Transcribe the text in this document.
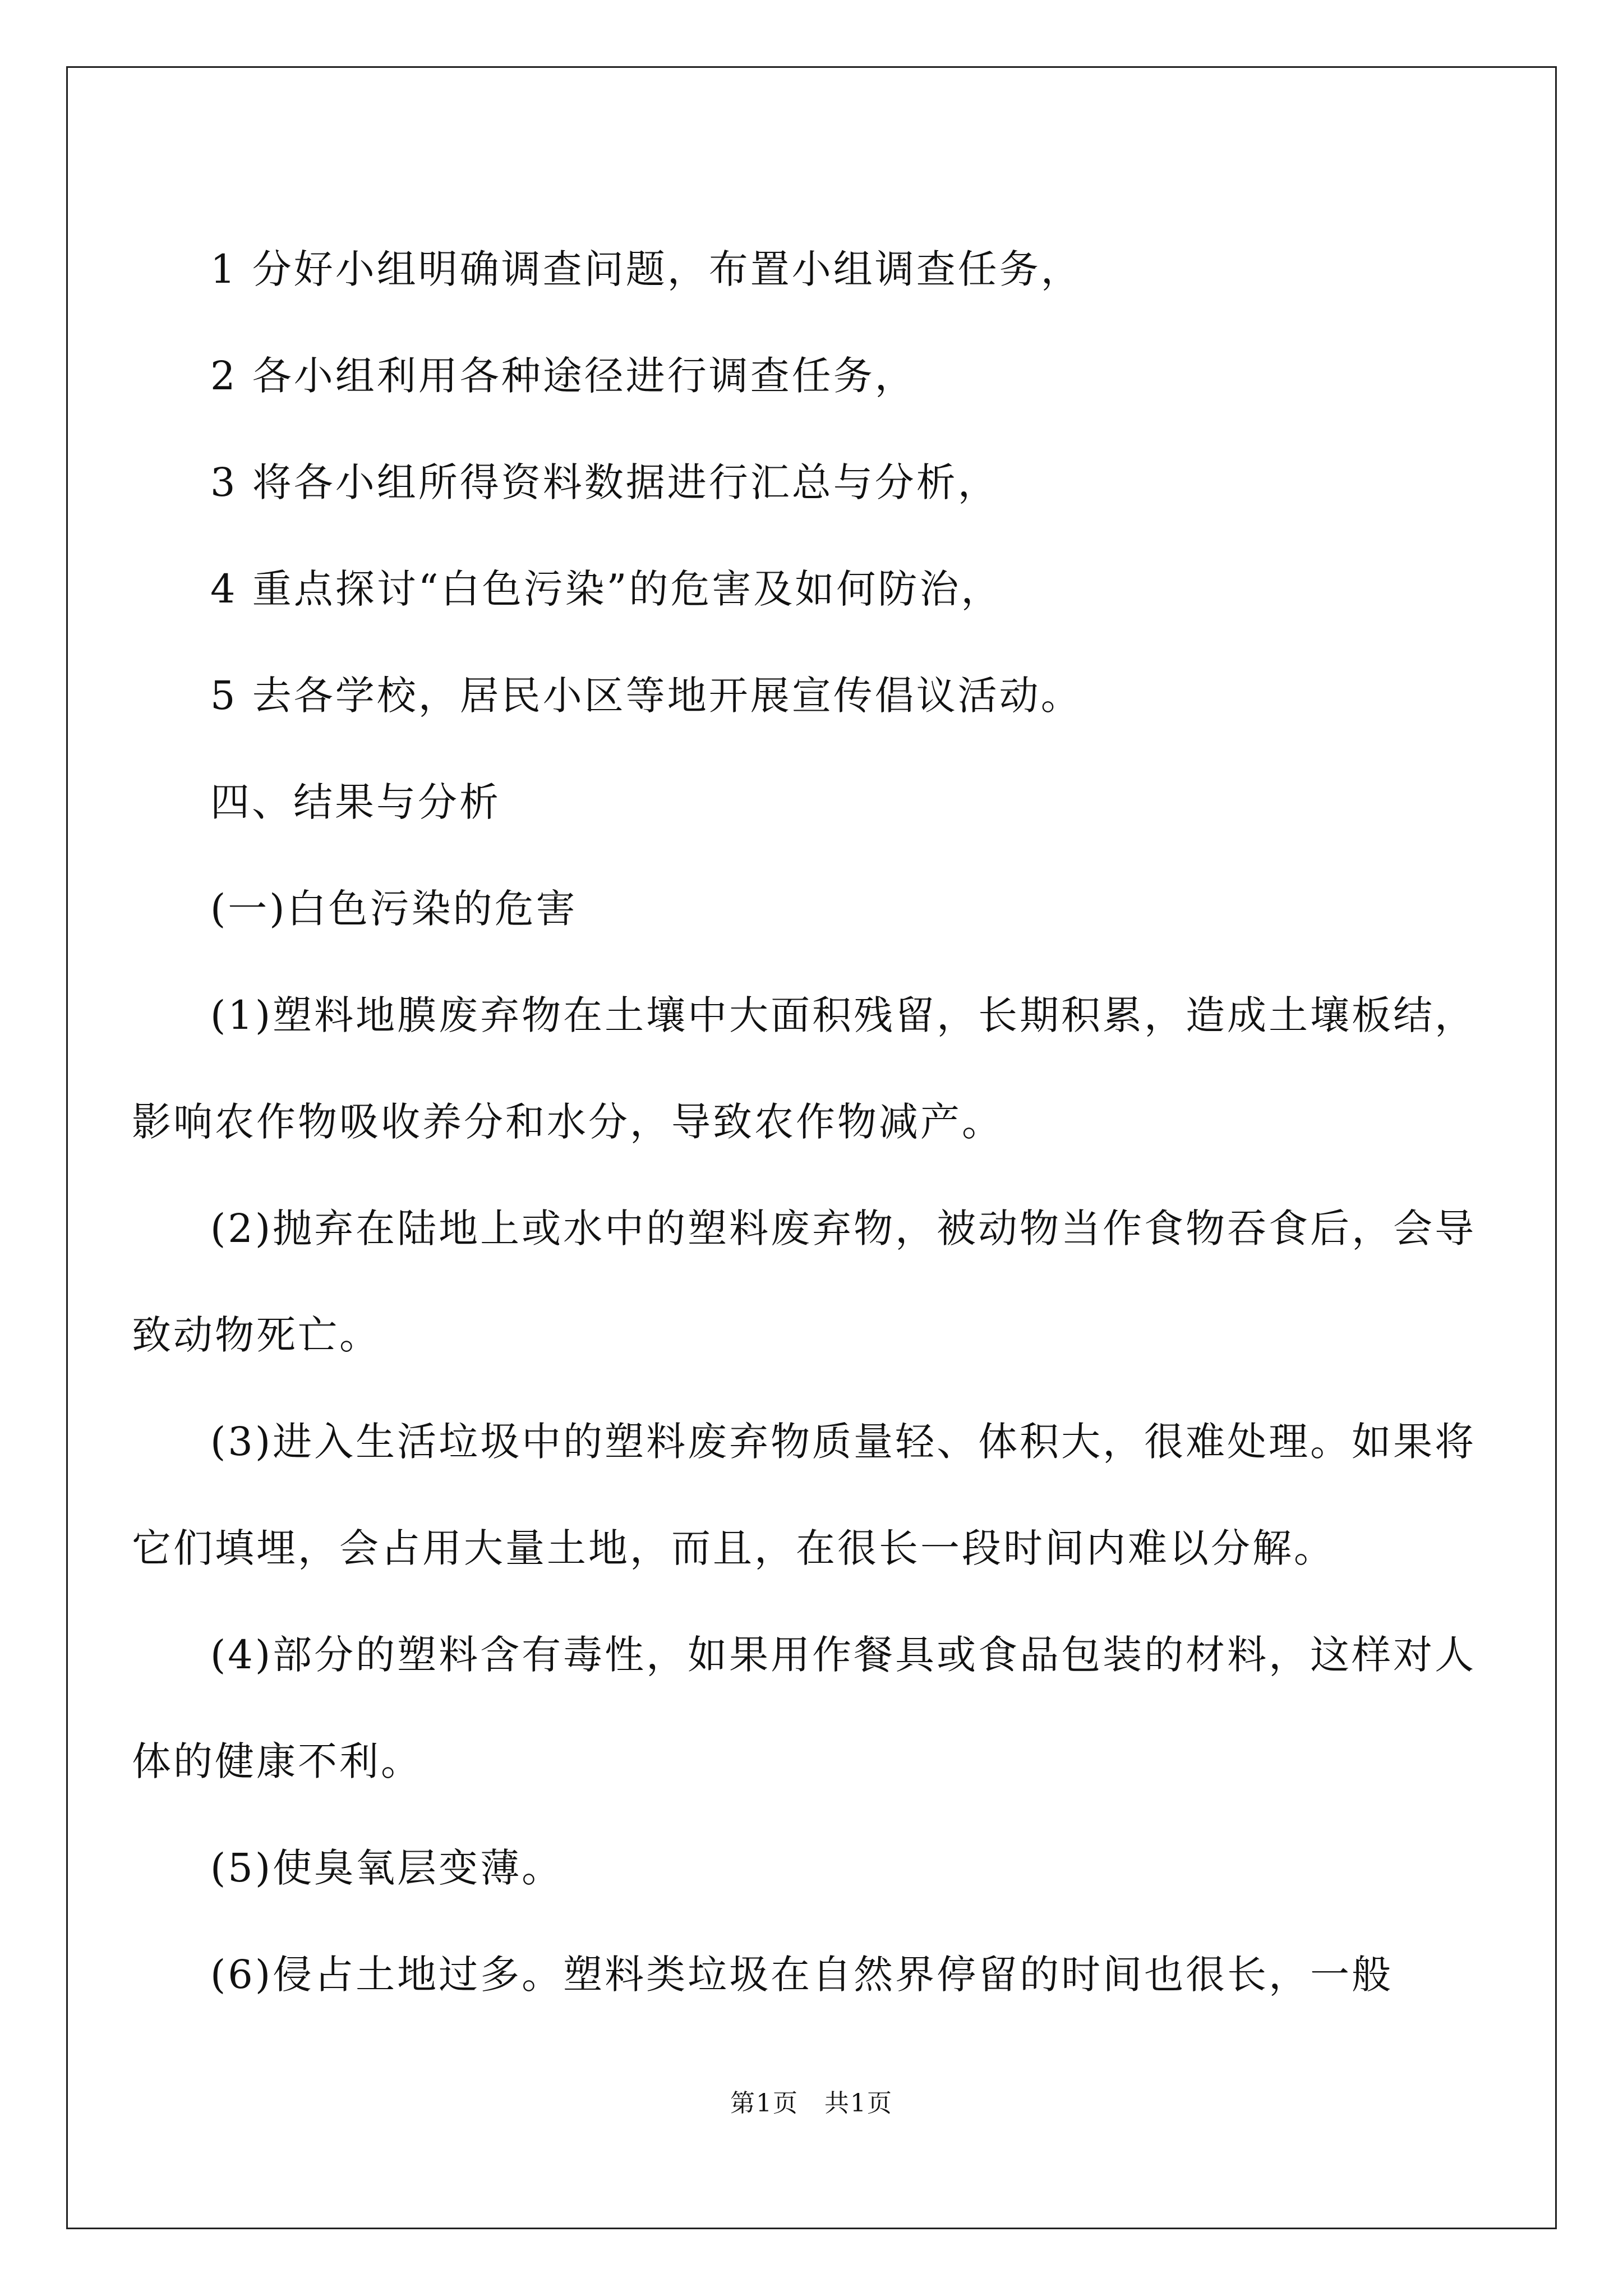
1 分好小组明确调查问题，布置小组调查任务，

2 各小组利用各种途径进行调查任务，

3 将各小组所得资料数据进行汇总与分析，

4 重点探讨“白色污染”的危害及如何防治，

5 去各学校，居民小区等地开展宣传倡议活动。

四、结果与分析

(一)白色污染的危害

(1)塑料地膜废弃物在土壤中大面积残留，长期积累，造成土壤板结，影响农作物吸收养分和水分，导致农作物减产。

(2)抛弃在陆地上或水中的塑料废弃物，被动物当作食物吞食后，会导致动物死亡。

(3)进入生活垃圾中的塑料废弃物质量轻、体积大，很难处理。如果将它们填埋，会占用大量土地，而且，在很长一段时间内难以分解。

(4)部分的塑料含有毒性，如果用作餐具或食品包装的材料，这样对人体的健康不利。

(5)使臭氧层变薄。

(6)侵占土地过多。塑料类垃圾在自然界停留的时间也很长，一般

第1页　共1页
